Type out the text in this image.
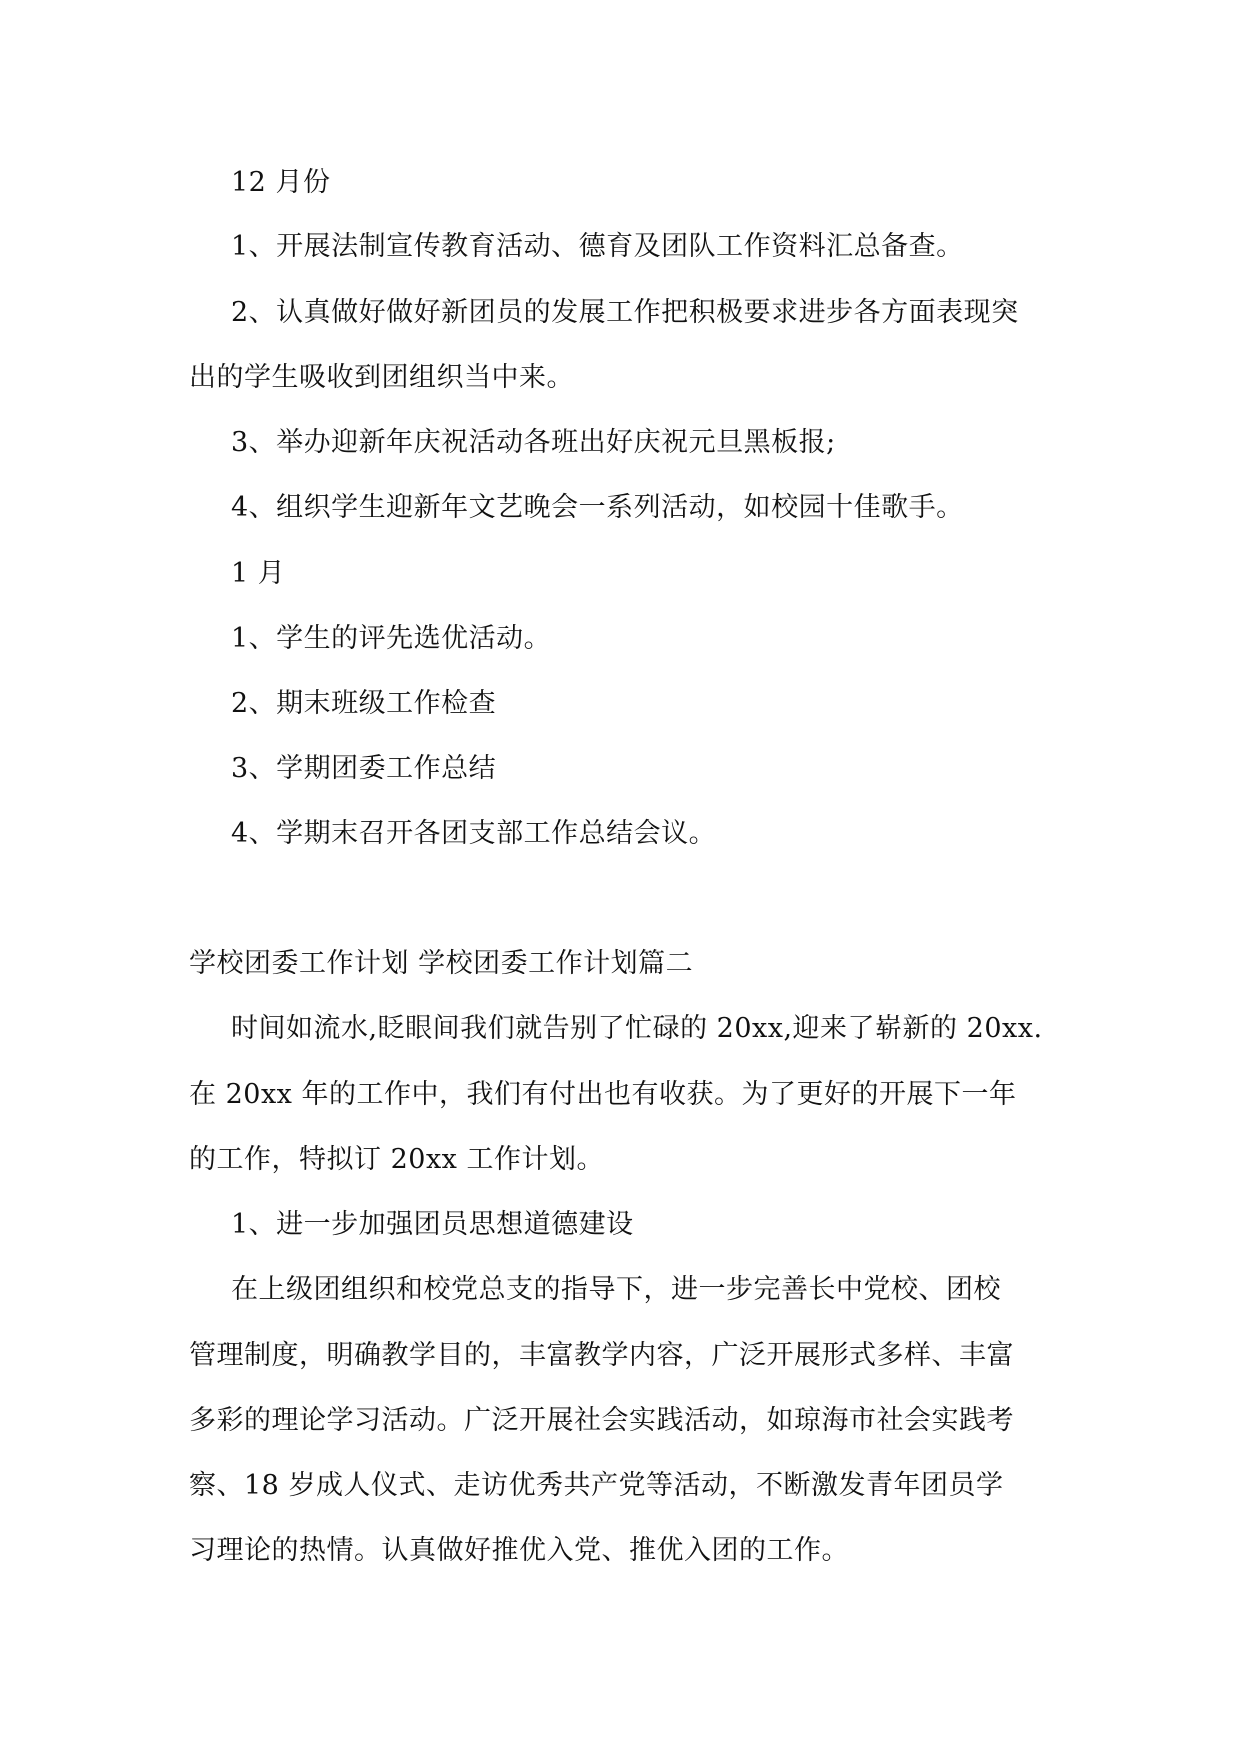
12 月份
1、开展法制宣传教育活动、德育及团队工作资料汇总备查。
2、认真做好做好新团员的发展工作把积极要求进步各方面表现突
出的学生吸收到团组织当中来。
3、举办迎新年庆祝活动各班出好庆祝元旦黑板报;
4、组织学生迎新年文艺晚会一系列活动，如校园十佳歌手。
1 月
1、学生的评先选优活动。
2、期末班级工作检查
3、学期团委工作总结
4、学期末召开各团支部工作总结会议。
学校团委工作计划 学校团委工作计划篇二
时间如流水,眨眼间我们就告别了忙碌的 20xx,迎来了崭新的 20xx.
在 20xx 年的工作中，我们有付出也有收获。为了更好的开展下一年
的工作，特拟订 20xx 工作计划。
1、进一步加强团员思想道德建设
在上级团组织和校党总支的指导下，进一步完善长中党校、团校
管理制度，明确教学目的，丰富教学内容，广泛开展形式多样、丰富
多彩的理论学习活动。广泛开展社会实践活动，如琼海市社会实践考
察、18 岁成人仪式、走访优秀共产党等活动，不断激发青年团员学
习理论的热情。认真做好推优入党、推优入团的工作。
